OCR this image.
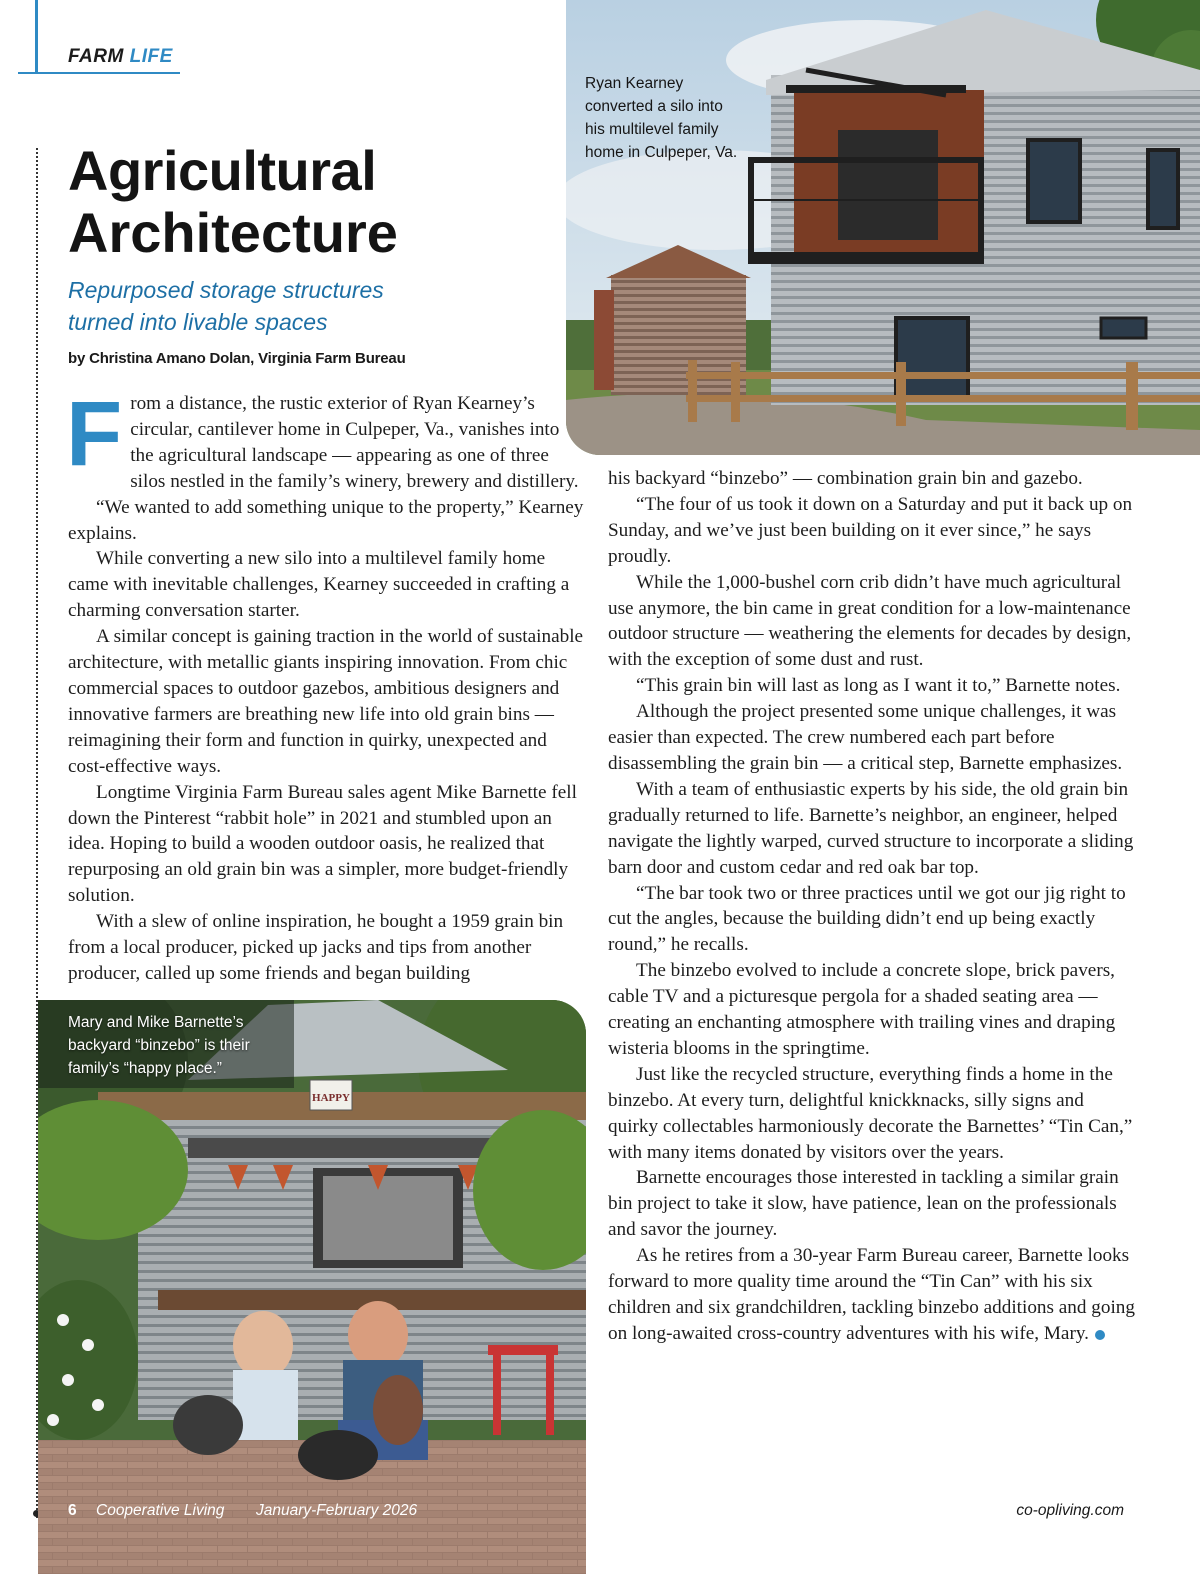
FARM LIFE
Agricultural
Architecture
Repurposed storage structures
turned into livable spaces
by Christina Amano Dolan, Virginia Farm Bureau
Ryan Kearney converted a silo into his multilevel family home in Culpeper, Va.
F rom a distance, the rustic exterior of Ryan Kearney’s circular, cantilever home in Culpeper, Va., vanishes into the agricultural landscape — appearing as one of three silos nestled in the family’s winery, brewery and distillery.

“We wanted to add something unique to the property,” Kearney explains.

While converting a new silo into a multilevel family home came with inevitable challenges, Kearney succeeded in crafting a charming conversation starter.

A similar concept is gaining traction in the world of sustainable architecture, with metallic giants inspiring innovation. From chic commercial spaces to outdoor gazebos, ambitious designers and innovative farmers are breathing new life into old grain bins — reimagining their form and function in quirky, unexpected and cost-effective ways.

Longtime Virginia Farm Bureau sales agent Mike Barnette fell down the Pinterest “rabbit hole” in 2021 and stumbled upon an idea. Hoping to build a wooden outdoor oasis, he realized that repurposing an old grain bin was a simpler, more budget-friendly solution.

With a slew of online inspiration, he bought a 1959 grain bin from a local producer, picked up jacks and tips from another producer, called up some friends and began building

his backyard “binzebo” — combination grain bin and gazebo.

“The four of us took it down on a Saturday and put it back up on Sunday, and we’ve just been building on it ever since,” he says proudly.

While the 1,000-bushel corn crib didn’t have much agricultural use anymore, the bin came in great condition for a low-maintenance outdoor structure — weathering the elements for decades by design, with the exception of some dust and rust.

“This grain bin will last as long as I want it to,” Barnette notes.

Although the project presented some unique challenges, it was easier than expected. The crew numbered each part before disassembling the grain bin — a critical step, Barnette emphasizes.

With a team of enthusiastic experts by his side, the old grain bin gradually returned to life. Barnette’s neighbor, an engineer, helped navigate the lightly warped, curved structure to incorporate a sliding barn door and custom cedar and red oak bar top.

“The bar took two or three practices until we got our jig right to cut the angles, because the building didn’t end up being exactly round,” he recalls.

The binzebo evolved to include a concrete slope, brick pavers, cable TV and a picturesque pergola for a shaded seating area — creating an enchanting atmosphere with trailing vines and draping wisteria blooms in the springtime.

Just like the recycled structure, everything finds a home in the binzebo. At every turn, delightful knickknacks, silly signs and quirky collectables harmoniously decorate the Barnettes’ “Tin Can,” with many items donated by visitors over the years.

Barnette encourages those interested in tackling a similar grain bin project to take it slow, have patience, lean on the professionals and savor the journey.

As he retires from a 30-year Farm Bureau career, Barnette looks forward to more quality time around the “Tin Can” with his six children and six grandchildren, tackling binzebo additions and going on long-awaited cross-country adventures with his wife, Mary.

HAPPY
Mary and Mike Barnette’s backyard “binzebo” is their family’s “happy place.”
6 Cooperative Living January-February 2026	co-opliving.com
